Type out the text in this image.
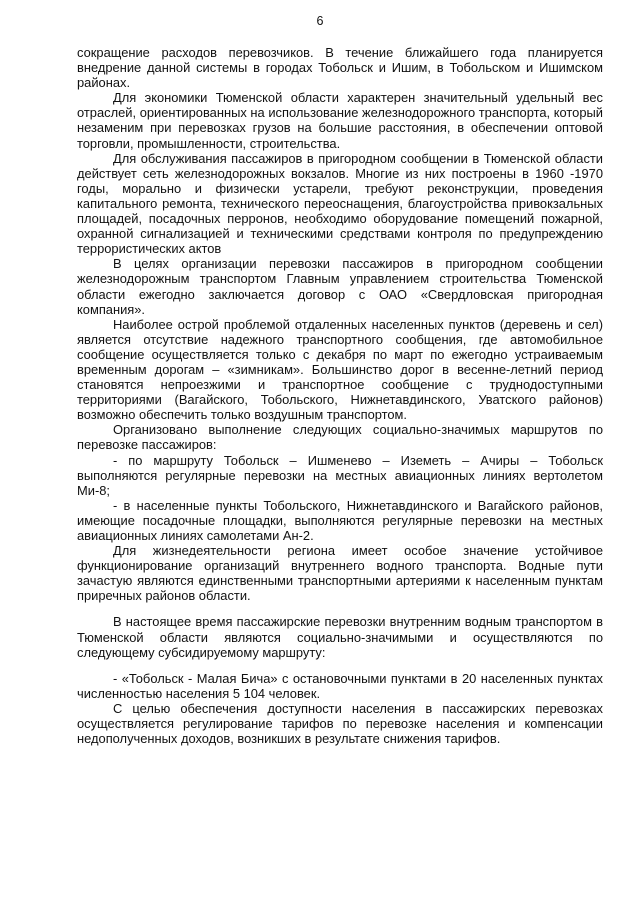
6

сокращение расходов перевозчиков. В течение ближайшего года планируется внедрение данной системы в городах Тобольск и Ишим, в Тобольском и Ишимском районах.

Для экономики Тюменской области характерен значительный удельный вес отраслей, ориентированных на использование железнодорожного транспорта, который незаменим при перевозках грузов на большие расстояния, в обеспечении оптовой торговли, промышленности, строительства.

Для обслуживания пассажиров в пригородном сообщении в Тюменской области действует сеть железнодорожных вокзалов. Многие из них построены в 1960 -1970 годы, морально и физически устарели, требуют реконструкции, проведения капитального ремонта, технического переоснащения, благоустройства привокзальных площадей, посадочных перронов, необходимо оборудование помещений пожарной, охранной сигнализацией и техническими средствами контроля по предупреждению террористических актов

В целях организации перевозки пассажиров в пригородном сообщении железнодорожным транспортом Главным управлением строительства Тюменской области ежегодно заключается договор с ОАО «Свердловская пригородная компания».

Наиболее острой проблемой отдаленных населенных пунктов (деревень и сел) является отсутствие надежного транспортного сообщения, где автомобильное сообщение осуществляется только с декабря по март по ежегодно устраиваемым временным дорогам – «зимникам». Большинство дорог в весенне-летний период становятся непроезжими и транспортное сообщение с труднодоступными территориями (Вагайского, Тобольского, Нижнетавдинского, Уватского районов) возможно обеспечить только воздушным транспортом.

Организовано выполнение следующих социально-значимых маршрутов по перевозке пассажиров:

- по маршруту Тобольск – Ишменево – Иземеть – Ачиры – Тобольск выполняются регулярные перевозки на местных авиационных линиях вертолетом Ми-8;

- в населенные пункты Тобольского, Нижнетавдинского и Вагайского районов, имеющие посадочные площадки, выполняются регулярные перевозки на местных авиационных линиях самолетами Ан-2.

Для жизнедеятельности региона имеет особое значение устойчивое функционирование организаций внутреннего водного транспорта. Водные пути зачастую являются единственными транспортными артериями к населенным пунктам приречных районов области.

В настоящее время пассажирские перевозки внутренним водным транспортом в Тюменской области являются социально-значимыми и осуществляются по следующему субсидируемому маршруту:

- «Тобольск - Малая Бича» с остановочными пунктами в 20 населенных пунктах численностью населения 5 104 человек.

С целью обеспечения доступности населения в пассажирских перевозках осуществляется регулирование тарифов по перевозке населения и компенсации недополученных доходов, возникших в результате снижения тарифов.
